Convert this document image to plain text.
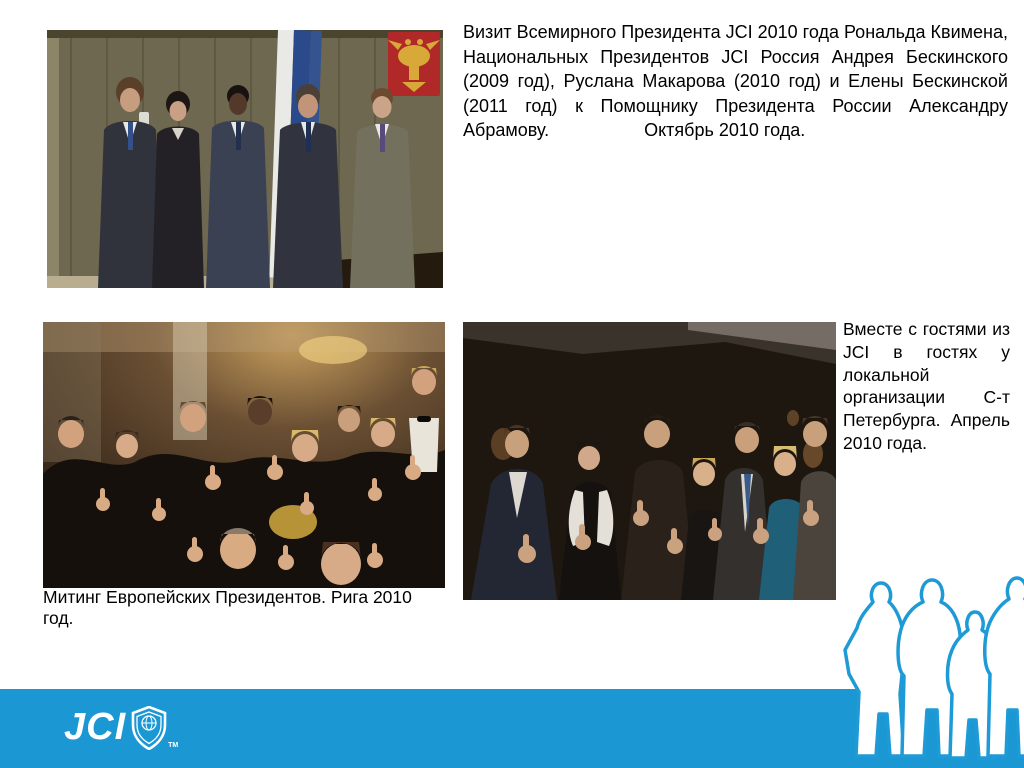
Визит Всемирного Президента JCI 2010 года Рональда Квимена, Национальных Президентов JCI Россия Андрея Бескинского (2009 год), Руслана Макарова (2010 год) и Елены Бескинской (2011 год) к Помощнику Президента России Александру Абрамову.                   Октябрь 2010 года.
Митинг Европейских Президентов. Рига 2010 год.
Вместе с гостями из JCI в гостях у локальной организации С-т Петербурга. Апрель 2010 года.
JCI	TM
